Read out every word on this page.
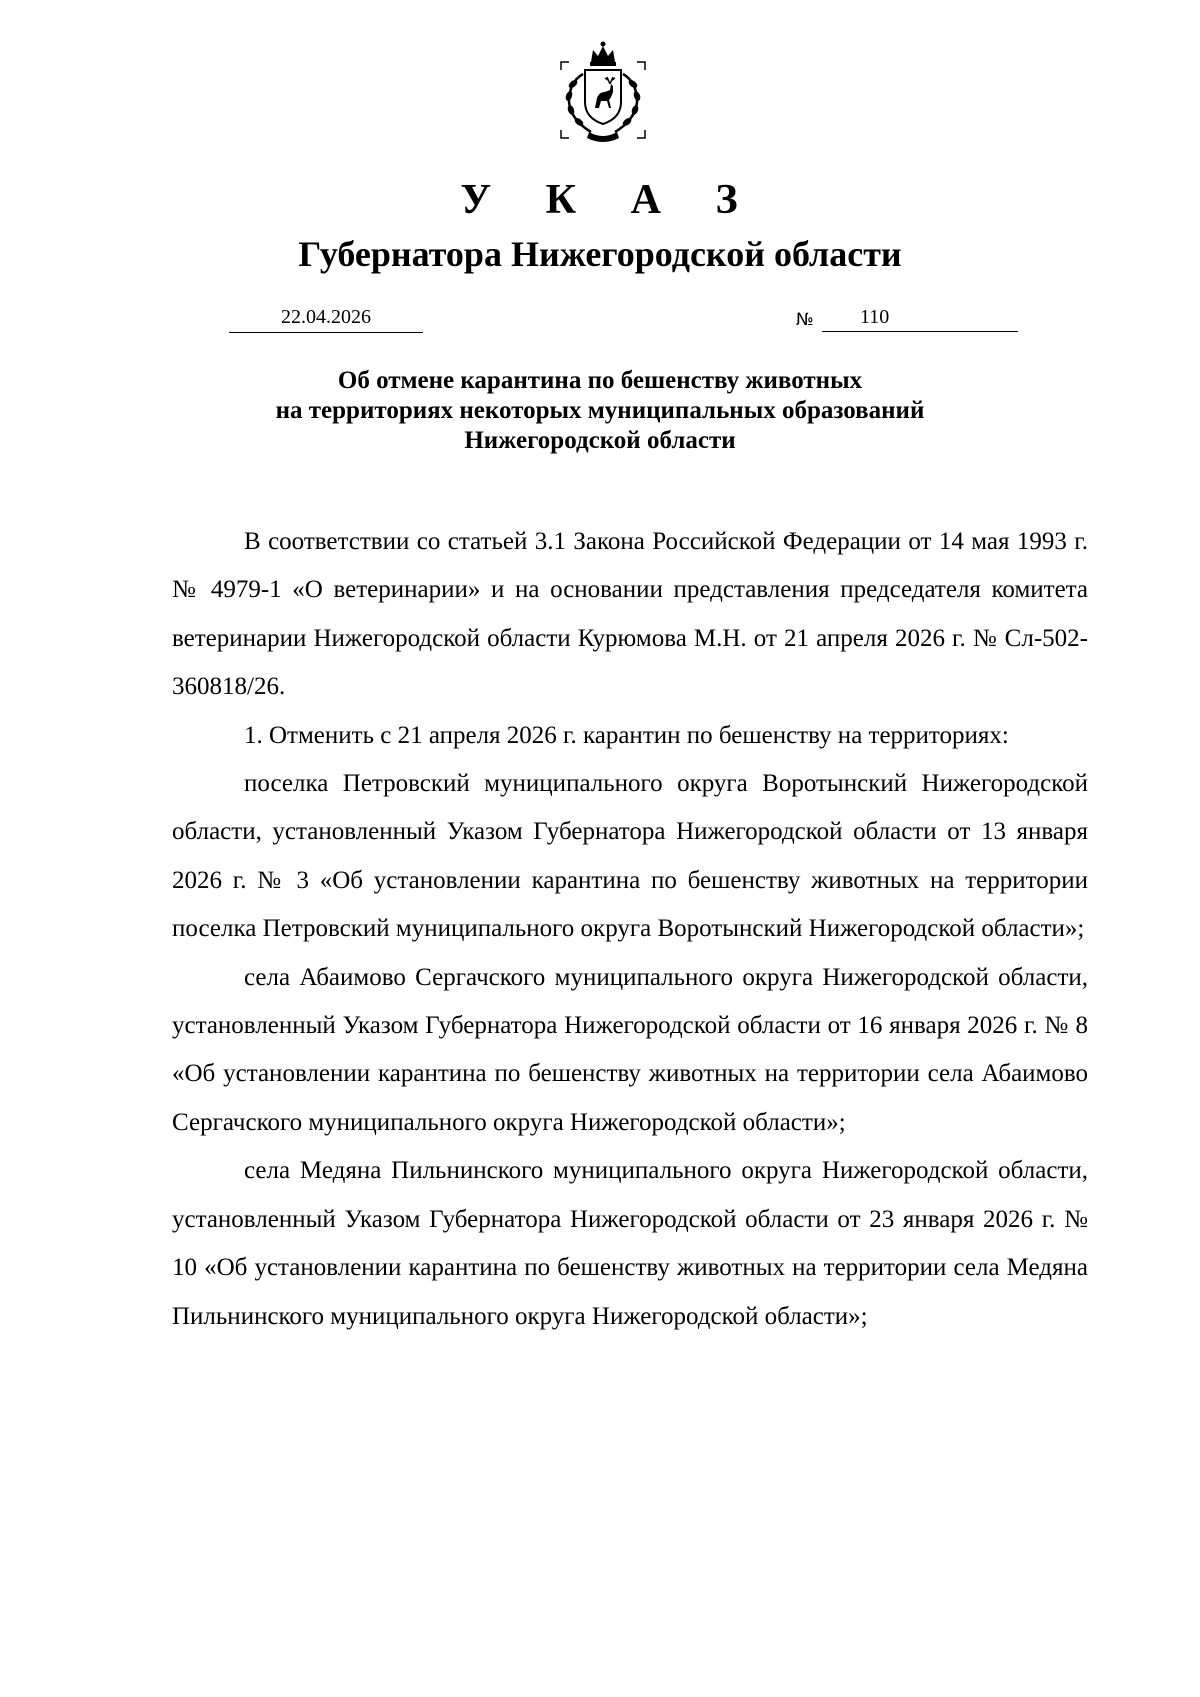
У К А З
Губернатора Нижегородской области
22.04.2026	№	110
Об отмене карантина по бешенству животных
на территориях некоторых муниципальных образований
Нижегородской области

В соответствии со статьей 3.1 Закона Российской Федерации от 14 мая 1993 г. № 4979-1 «О ветеринарии» и на основании представления председателя комитета ветеринарии Нижегородской области Курюмова М.Н. от 21 апреля 2026 г. № Сл-502-360818/26.

1. Отменить с 21 апреля 2026 г. карантин по бешенству на территориях:

поселка Петровский муниципального округа Воротынский Нижегородской области, установленный Указом Губернатора Нижегородской области от 13 января 2026 г. № 3 «Об установлении карантина по бешенству животных на территории поселка Петровский муниципального округа Воротынский Нижегородской области»;

села Абаимово Сергачского муниципального округа Нижегородской области, установленный Указом Губернатора Нижегородской области от 16 января 2026 г. № 8 «Об установлении карантина по бешенству животных на территории села Абаимово Сергачского муниципального округа Нижегородской области»;

села Медяна Пильнинского муниципального округа Нижегородской области, установленный Указом Губернатора Нижегородской области от 23 января 2026 г. № 10 «Об установлении карантина по бешенству животных на территории села Медяна Пильнинского муниципального округа Нижегородской области»;
